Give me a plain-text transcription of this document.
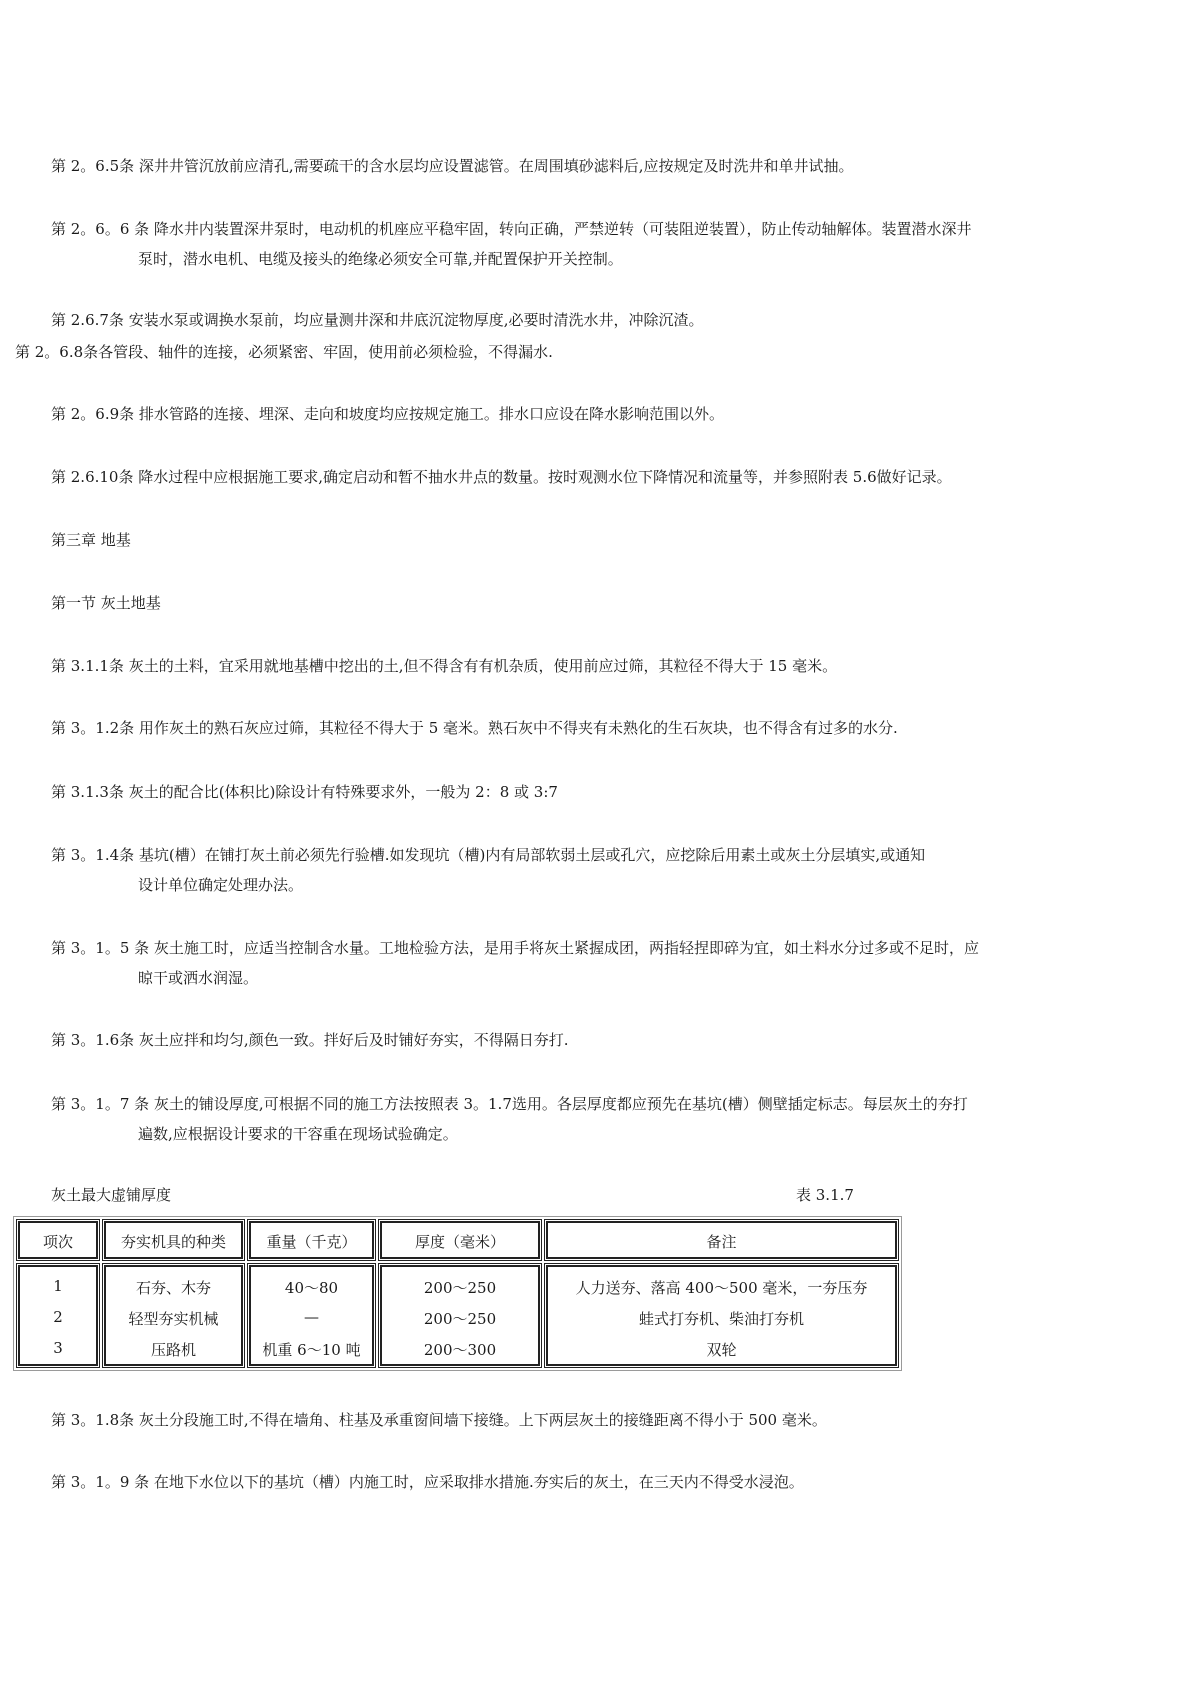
第 2。6.5条 深井井管沉放前应清孔,需要疏干的含水层均应设置滤管。在周围填砂滤料后,应按规定及时洗井和单井试抽。
第 2。6。6 条 降水井内装置深井泵时，电动机的机座应平稳牢固，转向正确，严禁逆转（可装阻逆装置），防止传动轴解体。装置潜水深井
泵时，潜水电机、电缆及接头的绝缘必须安全可靠,并配置保护开关控制。
第 2.6.7条 安装水泵或调换水泵前，均应量测井深和井底沉淀物厚度,必要时清洗水井，冲除沉渣。
第 2。6.8条各管段、轴件的连接，必须紧密、牢固，使用前必须检验，不得漏水.
第 2。6.9条 排水管路的连接、埋深、走向和坡度均应按规定施工。排水口应设在降水影响范围以外。
第 2.6.10条 降水过程中应根据施工要求,确定启动和暂不抽水井点的数量。按时观测水位下降情况和流量等，并参照附表 5.6做好记录。
第三章 地基
第一节 灰土地基
第 3.1.1条 灰土的土料，宜采用就地基槽中挖出的土,但不得含有有机杂质，使用前应过筛，其粒径不得大于 15 毫米。
第 3。1.2条 用作灰土的熟石灰应过筛，其粒径不得大于 5 毫米。熟石灰中不得夹有未熟化的生石灰块，也不得含有过多的水分.
第 3.1.3条 灰土的配合比(体积比)除设计有特殊要求外，一般为 2：8 或 3:7
第 3。1.4条 基坑(槽）在铺打灰土前必须先行验槽.如发现坑（槽)内有局部软弱土层或孔穴，应挖除后用素土或灰土分层填实,或通知
设计单位确定处理办法。
第 3。1。5 条 灰土施工时，应适当控制含水量。工地检验方法，是用手将灰土紧握成团，两指轻捏即碎为宜，如土料水分过多或不足时，应
晾干或洒水润湿。
第 3。1.6条 灰土应拌和均匀,颜色一致。拌好后及时铺好夯实，不得隔日夯打.
第 3。1。7 条 灰土的铺设厚度,可根据不同的施工方法按照表 3。1.7选用。各层厚度都应预先在基坑(槽）侧壁插定标志。每层灰土的夯打
遍数,应根据设计要求的干容重在现场试验确定。
灰土最大虚铺厚度	表 3.1.7
项次
1
2
3
夯实机具的种类
石夯、木夯
轻型夯实机械
压路机
重量（千克）
40～80
—
机重 6～10 吨
厚度（毫米）
200～250
200～250
200～300
备注
人力送夯、落高 400～500 毫米，一夯压夯
蛙式打夯机、柴油打夯机
双轮
第 3。1.8条 灰土分段施工时,不得在墙角、柱基及承重窗间墙下接缝。上下两层灰土的接缝距离不得小于 500 毫米。
第 3。1。9 条 在地下水位以下的基坑（槽）内施工时，应采取排水措施.夯实后的灰土，在三天内不得受水浸泡。
